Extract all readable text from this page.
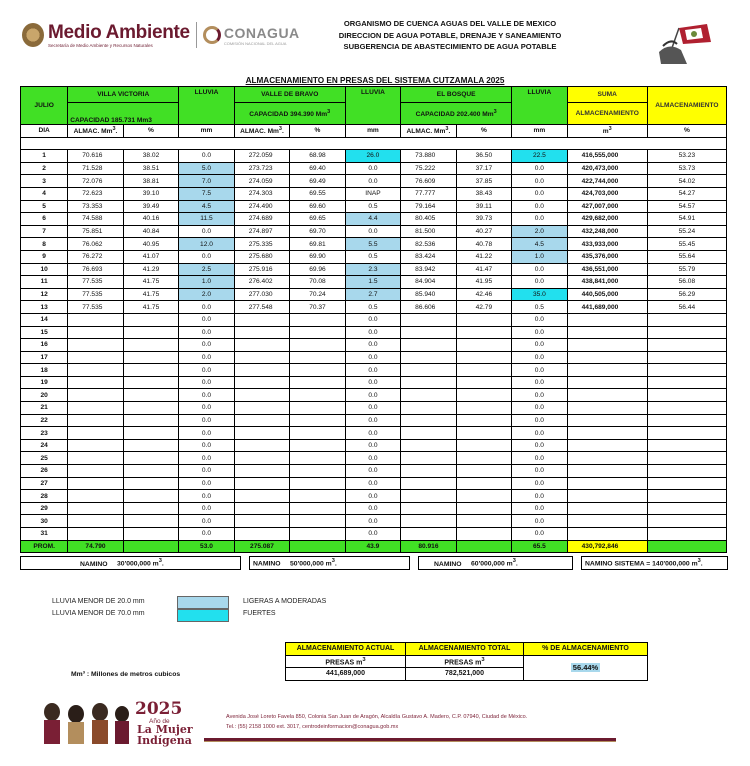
Medio Ambiente
Secretaría de Medio Ambiente y Recursos Naturales
CONAGUA
COMISIÓN NACIONAL DEL AGUA
ORGANISMO DE CUENCA AGUAS DEL VALLE DE MEXICO
DIRECCION DE AGUA POTABLE, DRENAJE Y SANEAMIENTO
SUBGERENCIA DE ABASTECIMIENTO DE AGUA POTABLE
ALMACENAMIENTO EN PRESAS DEL SISTEMA CUTZAMALA 2025
JULIO	VILLA VICTORIA		LLUVIA	VALLE DE BRAVO		LLUVIA	EL BOSQUE		LLUVIA	SUMA	ALMACENAMIENTO
	CAPACIDAD 185.731 Mm3			CAPACIDAD 394.390 Mm$^3$			CAPACIDAD 202.400 Mm$^3$			ALMACENAMIENTO	
DIA	ALMAC. Mm$^3$.	%	mm	ALMAC. Mm$^3$.	%	mm	ALMAC. Mm$^3$.	%	mm	$m^3$	%

1	70.616	38.02	0.0	272.059	68.98	26.0	73.880	36.50	22.5	416,555,000	53.23
2	71.528	38.51	5.0	273.723	69.40	0.0	75.222	37.17	0.0	420,473,000	53.73
3	72.076	38.81	7.0	274.059	69.49	0.0	76.609	37.85	0.0	422,744,000	54.02
4	72.623	39.10	7.5	274.303	69.55	INAP	77.777	38.43	0.0	424,703,000	54.27
5	73.353	39.49	4.5	274.490	69.60	0.5	79.164	39.11	0.0	427,007,000	54.57
6	74.588	40.16	11.5	274.689	69.65	4.4	80.405	39.73	0.0	429,682,000	54.91
7	75.851	40.84	0.0	274.897	69.70	0.0	81.500	40.27	2.0	432,248,000	55.24
8	76.062	40.95	12.0	275.335	69.81	5.5	82.536	40.78	4.5	433,933,000	55.45
9	76.272	41.07	0.0	275.680	69.90	0.5	83.424	41.22	1.0	435,376,000	55.64
10	76.693	41.29	2.5	275.916	69.96	2.3	83.942	41.47	0.0	436,551,000	55.79
11	77.535	41.75	1.0	276.402	70.08	1.5	84.904	41.95	0.0	438,841,000	56.08
12	77.535	41.75	2.0	277.030	70.24	2.7	85.940	42.46	35.0	440,505,000	56.29
13	77.535	41.75	0.0	277.548	70.37	0.5	86.606	42.79	0.5	441,689,000	56.44
14			0.0			0.0			0.0		
15			0.0			0.0			0.0		
16			0.0			0.0			0.0		
17			0.0			0.0			0.0		
18			0.0			0.0			0.0		
19			0.0			0.0			0.0		
20			0.0			0.0			0.0		
21			0.0			0.0			0.0		
22			0.0			0.0			0.0		
23			0.0			0.0			0.0		
24			0.0			0.0			0.0		
25			0.0			0.0			0.0		
26			0.0			0.0			0.0		
27			0.0			0.0			0.0		
28			0.0			0.0			0.0		
29			0.0			0.0			0.0		
30			0.0			0.0			0.0		
31			0.0			0.0			0.0		
PROM.	74.790		53.0	275.087		43.9	80.916		65.5	430,792,846	
NAMINO 30'000,000 $m^3$.		NAMINO 50'000,000 $m^3$.		NAMINO 60'000,000 $m^3$.		NAMINO SISTEMA = 140'000,000 $m^3$.
LLUVIA MENOR DE 20.0 mm
LLUVIA MENOR DE 70.0 mm
LIGERAS A MODERADAS
FUERTES
ALMACENAMIENTO ACTUAL	ALMACENAMIENTO TOTAL	% DE ALMACENAMIENTO
PRESAS $m^3$	PRESAS $m^3$	56.44%
441,689,000	782,521,000	
Mm³ : Millones de metros cubicos
2025
Año de
La Mujer
Indígena
Avenida José Loreto Favela 850, Colonia San Juan de Aragón, Alcaldía Gustavo A. Madero, C.P. 07940, Ciudad de México.
Tel.: (55) 2158 1000 ext. 3017, centrodeinformacion@conagua.gob.mx
